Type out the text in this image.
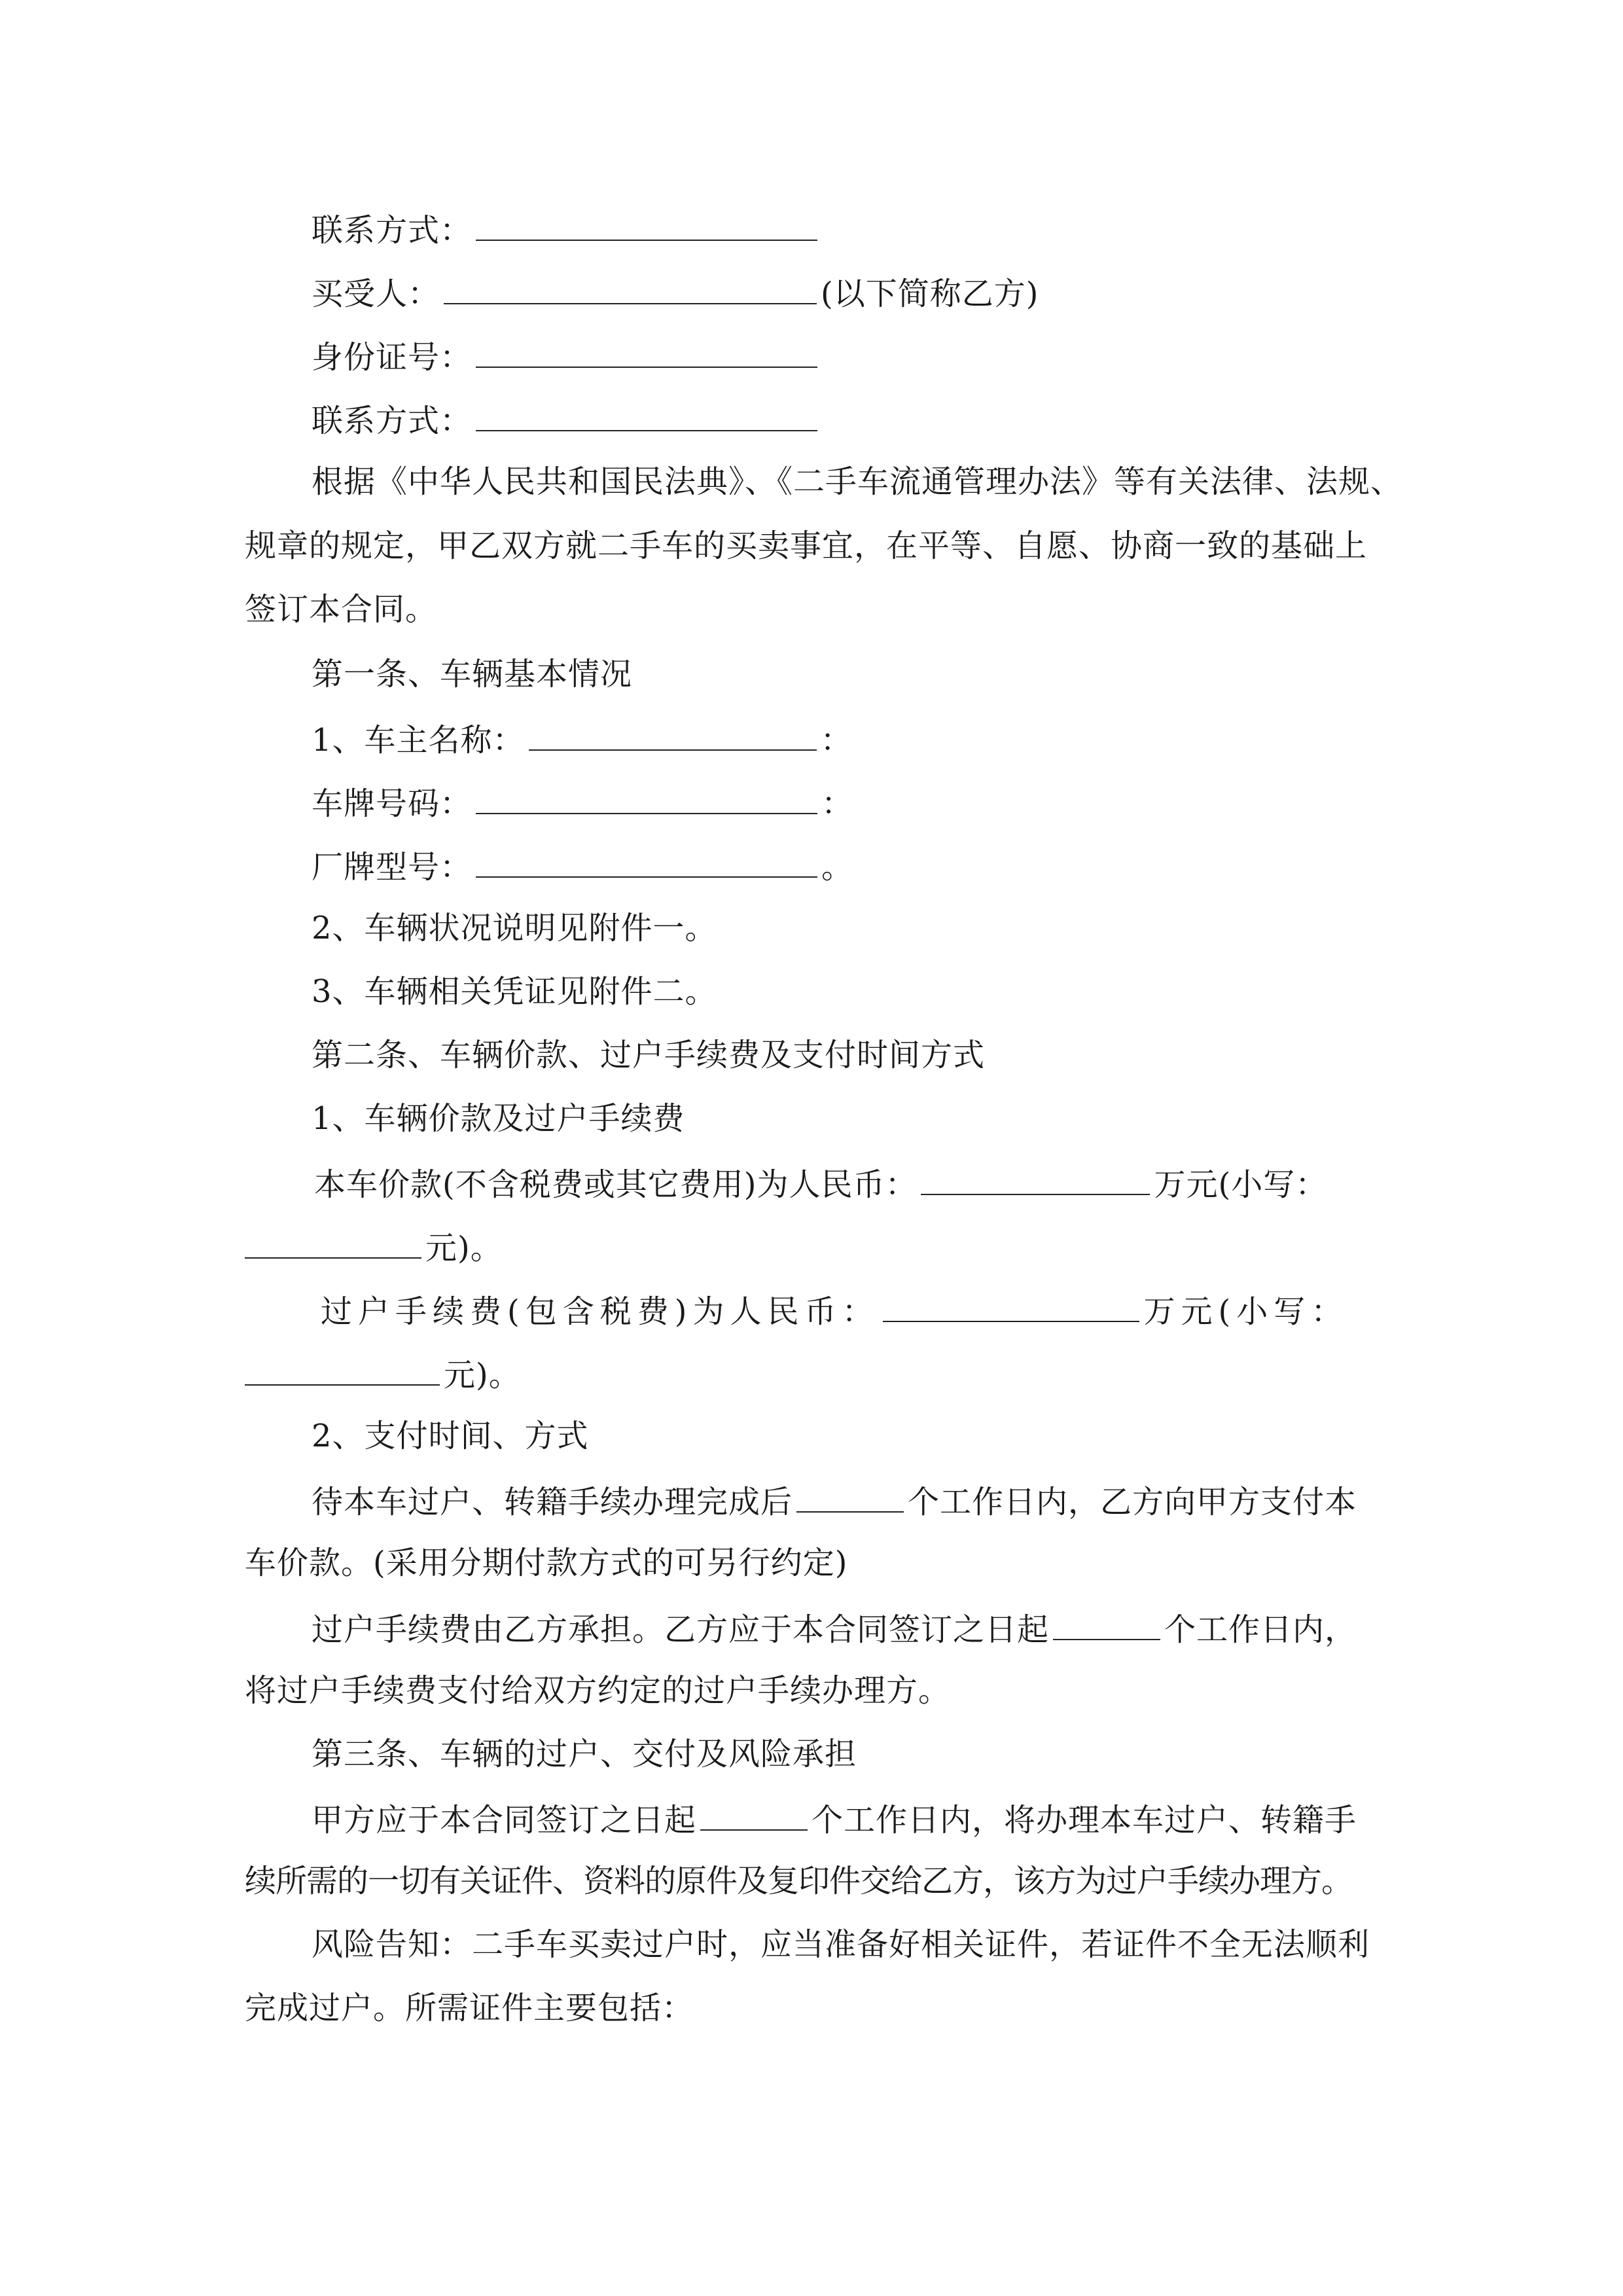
联系方式：
买受人：	(以下简称乙方)
身份证号：
联系方式：
根据《中华人民共和国民法典》、《二手车流通管理办法》等有关法律、法规、
规章的规定，甲乙双方就二手车的买卖事宜，在平等、自愿、协商一致的基础上
签订本合同。
第一条、车辆基本情况
1、车主名称：	：
车牌号码：	：
厂牌型号：	。
2、车辆状况说明见附件一。
3、车辆相关凭证见附件二。
第二条、车辆价款、过户手续费及支付时间方式
1、车辆价款及过户手续费
本车价款(不含税费或其它费用)为人民币：	万元(小写：
元)。
过户手续费(包含税费)为人民币：	万元(小写：
元)。
2、支付时间、方式
待本车过户、转籍手续办理完成后	个工作日内，乙方向甲方支付本
车价款。(采用分期付款方式的可另行约定)
过户手续费由乙方承担。乙方应于本合同签订之日起	个工作日内，
将过户手续费支付给双方约定的过户手续办理方。
第三条、车辆的过户、交付及风险承担
甲方应于本合同签订之日起	个工作日内，将办理本车过户、转籍手
续所需的一切有关证件、资料的原件及复印件交给乙方，该方为过户手续办理方。
风险告知：二手车买卖过户时，应当准备好相关证件，若证件不全无法顺利
完成过户。所需证件主要包括：
